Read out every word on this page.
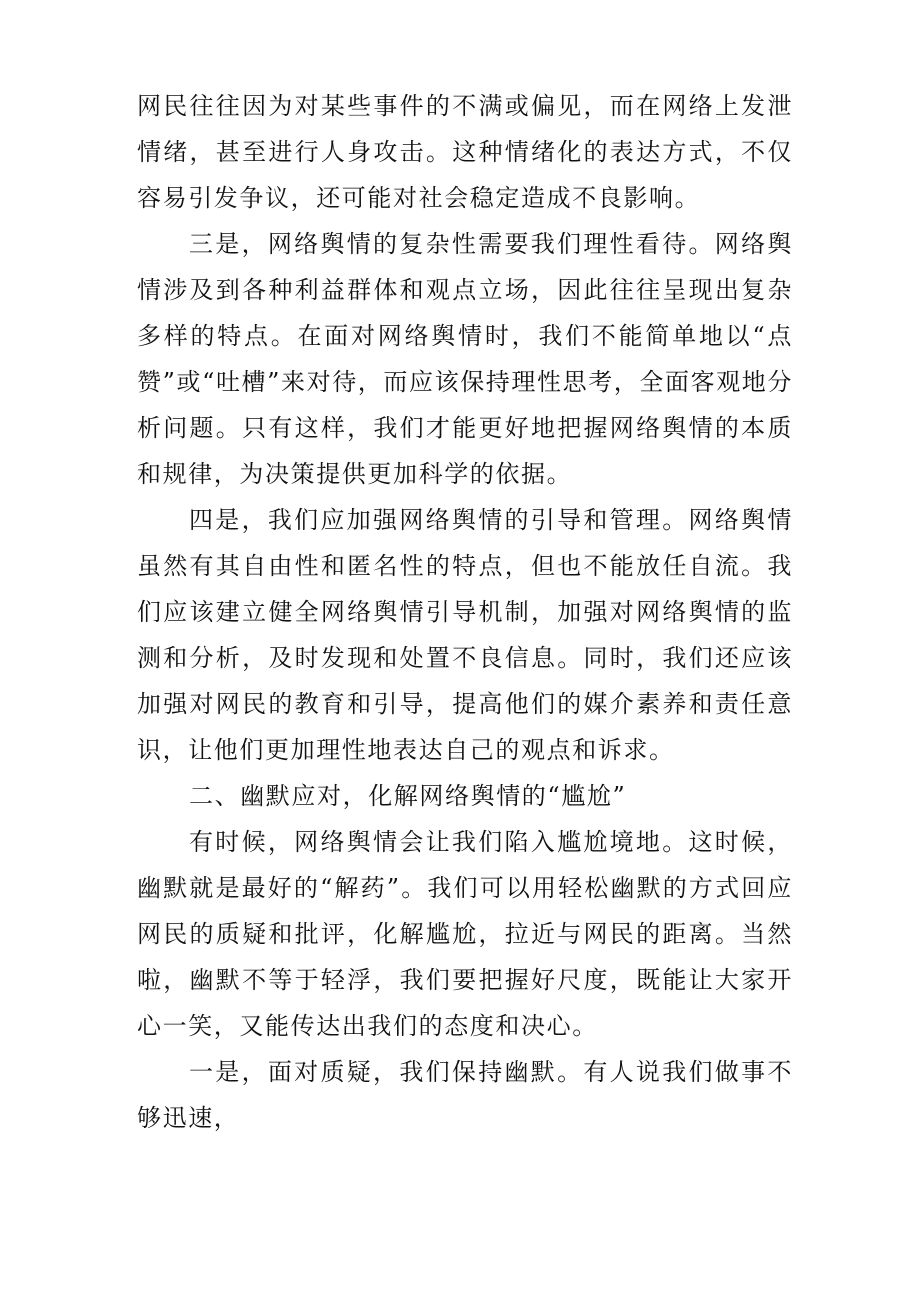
网民往往因为对某些事件的不满或偏见，而在网络上发泄情绪，甚至进行人身攻击。这种情绪化的表达方式，不仅容易引发争议，还可能对社会稳定造成不良影响。

三是，网络舆情的复杂性需要我们理性看待。网络舆情涉及到各种利益群体和观点立场，因此往往呈现出复杂多样的特点。在面对网络舆情时，我们不能简单地以“点赞”或“吐槽”来对待，而应该保持理性思考，全面客观地分析问题。只有这样，我们才能更好地把握网络舆情的本质和规律，为决策提供更加科学的依据。

四是，我们应加强网络舆情的引导和管理。网络舆情虽然有其自由性和匿名性的特点，但也不能放任自流。我们应该建立健全网络舆情引导机制，加强对网络舆情的监测和分析，及时发现和处置不良信息。同时，我们还应该加强对网民的教育和引导，提高他们的媒介素养和责任意识，让他们更加理性地表达自己的观点和诉求。

二、幽默应对，化解网络舆情的“尴尬”

有时候，网络舆情会让我们陷入尴尬境地。这时候，幽默就是最好的“解药”。我们可以用轻松幽默的方式回应网民的质疑和批评，化解尴尬，拉近与网民的距离。当然啦，幽默不等于轻浮，我们要把握好尺度，既能让大家开心一笑，又能传达出我们的态度和决心。

一是，面对质疑，我们保持幽默。有人说我们做事不够迅速，
